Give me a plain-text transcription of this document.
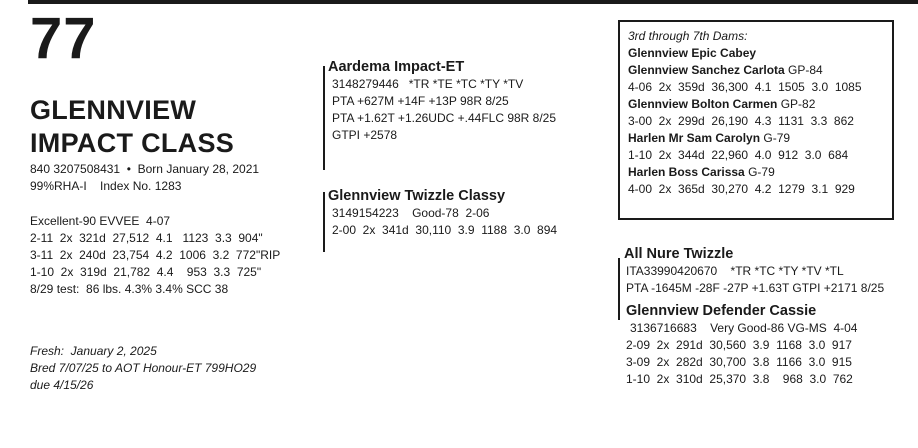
77
GLENNVIEW
IMPACT CLASS
840 3207508431  •  Born January 28, 2021
99%RHA-I    Index No. 1283
Excellent-90 EVVEE  4-07
2-11  2x  321d  27,512  4.1   1123  3.3  904"
3-11  2x  240d  23,754  4.2  1006  3.2  772"RIP
1-10  2x  319d  21,782  4.4    953  3.3  725"
8/29 test:  86 lbs. 4.3% 3.4% SCC 38
Fresh:  January 2, 2025
Bred 7/07/25 to AOT Honour-ET 799HO29
due 4/15/26
Aardema Impact-ET
3148279446   *TR *TE *TC *TY *TV
PTA +627M +14F +13P 98R 8/25
PTA +1.62T +1.26UDC +.44FLC 98R 8/25
GTPI +2578
Glennview Twizzle Classy
3149154223    Good-78  2-06
2-00  2x  341d  30,110  3.9  1188  3.0  894
3rd through 7th Dams:
Glennview Epic Cabey
Glennview Sanchez Carlota GP-84
4-06  2x  359d  36,300  4.1  1505  3.0  1085
Glennview Bolton Carmen GP-82
3-00  2x  299d  26,190  4.3  1131  3.3  862
Harlen Mr Sam Carolyn G-79
1-10  2x  344d  22,960  4.0  912  3.0  684
Harlen Boss Carissa G-79
4-00  2x  365d  30,270  4.2  1279  3.1  929
All Nure Twizzle
ITA33990420670    *TR *TC *TY *TV *TL
PTA -1645M -28F -27P +1.63T GTPI +2171 8/25
Glennview Defender Cassie
3136716683    Very Good-86 VG-MS  4-04
2-09  2x  291d  30,560  3.9  1168  3.0  917
3-09  2x  282d  30,700  3.8  1166  3.0  915
1-10  2x  310d  25,370  3.8    968  3.0  762
